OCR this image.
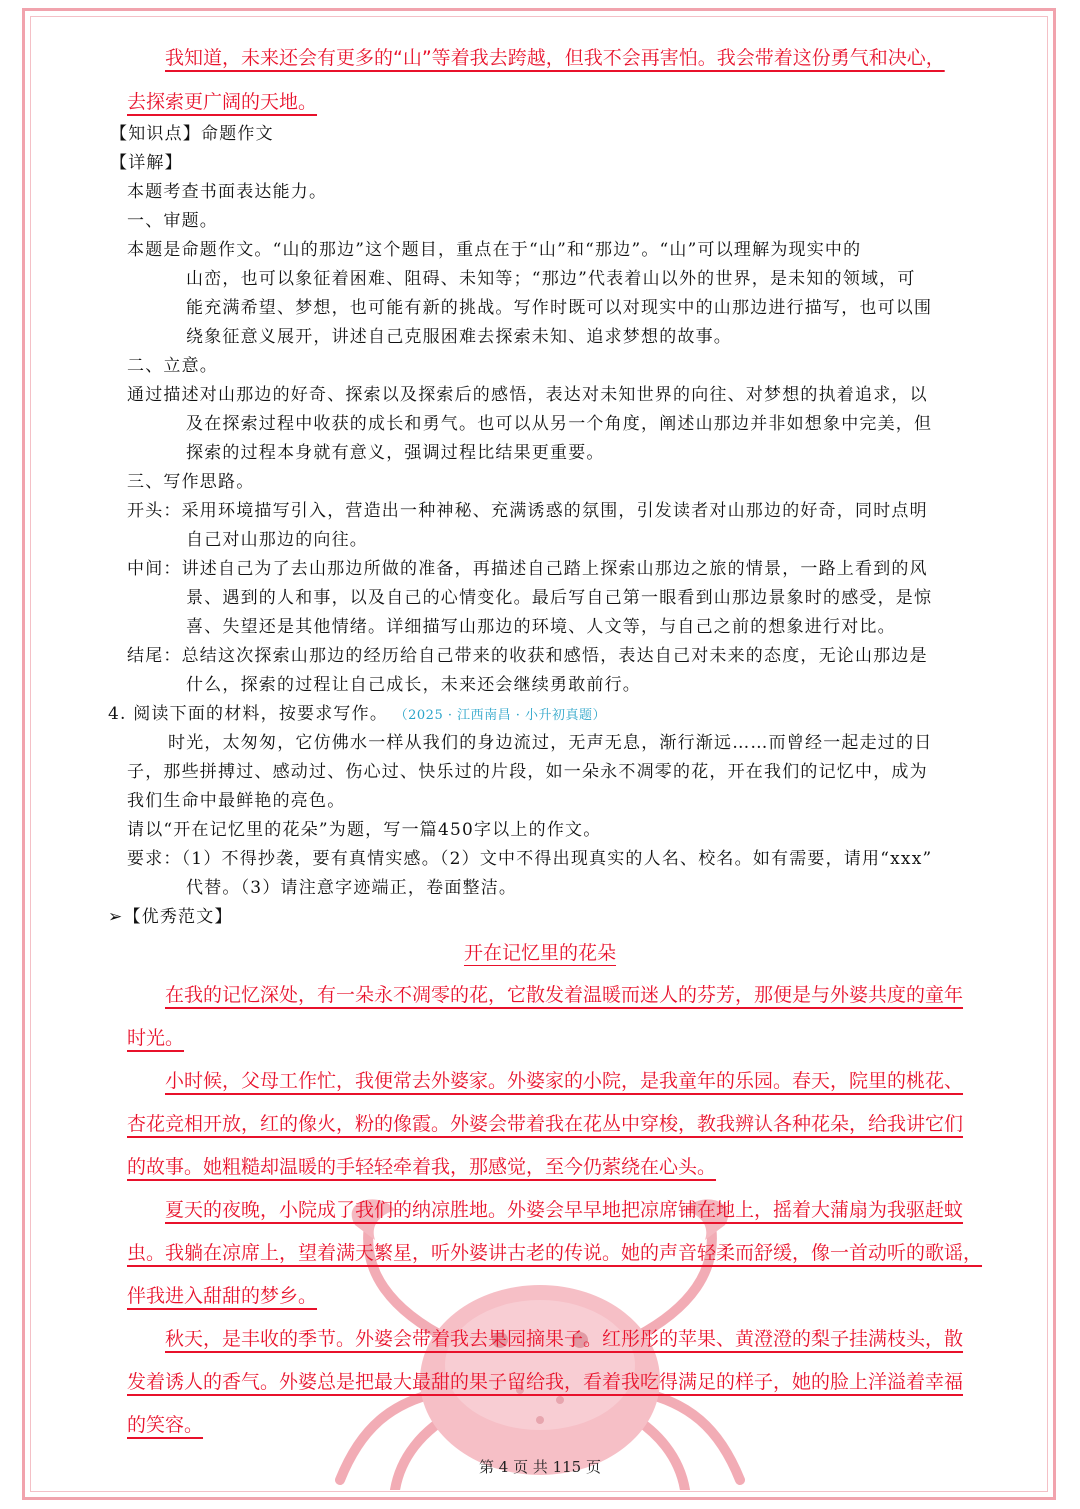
我知道，未来还会有更多的“山”等着我去跨越，但我不会再害怕。我会带着这份勇气和决心，
去探索更广阔的天地。
【知识点】命题作文
【详解】
本题考查书面表达能力。
一、审题。
本题是命题作文。“山的那边”这个题目，重点在于“山”和“那边”。“山”可以理解为现实中的
山峦，也可以象征着困难、阻碍、未知等；“那边”代表着山以外的世界，是未知的领域，可
能充满希望、梦想，也可能有新的挑战。写作时既可以对现实中的山那边进行描写，也可以围
绕象征意义展开，讲述自己克服困难去探索未知、追求梦想的故事。
二、立意。
通过描述对山那边的好奇、探索以及探索后的感悟，表达对未知世界的向往、对梦想的执着追求，以
及在探索过程中收获的成长和勇气。也可以从另一个角度，阐述山那边并非如想象中完美，但
探索的过程本身就有意义，强调过程比结果更重要。
三、写作思路。
开头：采用环境描写引入，营造出一种神秘、充满诱惑的氛围，引发读者对山那边的好奇，同时点明
自己对山那边的向往。
中间：讲述自己为了去山那边所做的准备，再描述自己踏上探索山那边之旅的情景，一路上看到的风
景、遇到的人和事，以及自己的心情变化。最后写自己第一眼看到山那边景象时的感受，是惊
喜、失望还是其他情绪。详细描写山那边的环境、人文等，与自己之前的想象进行对比。
结尾：总结这次探索山那边的经历给自己带来的收获和感悟，表达自己对未来的态度，无论山那边是
什么，探索的过程让自己成长，未来还会继续勇敢前行。
4. 阅读下面的材料，按要求写作。 （2025 · 江西南昌 · 小升初真题）
时光，太匆匆，它仿佛水一样从我们的身边流过，无声无息，渐行渐远……而曾经一起走过的日
子，那些拼搏过、感动过、伤心过、快乐过的片段，如一朵永不凋零的花，开在我们的记忆中，成为
我们生命中最鲜艳的亮色。
请以“开在记忆里的花朵”为题，写一篇450字以上的作文。
要求：（1）不得抄袭，要有真情实感。（2）文中不得出现真实的人名、校名。如有需要，请用“xxx”
代替。（3）请注意字迹端正，卷面整洁。
➢【优秀范文】
开在记忆里的花朵
在我的记忆深处，有一朵永不凋零的花，它散发着温暖而迷人的芬芳，那便是与外婆共度的童年
时光。
小时候，父母工作忙，我便常去外婆家。外婆家的小院，是我童年的乐园。春天，院里的桃花、
杏花竞相开放，红的像火，粉的像霞。外婆会带着我在花丛中穿梭，教我辨认各种花朵，给我讲它们
的故事。她粗糙却温暖的手轻轻牵着我，那感觉，至今仍萦绕在心头。
夏天的夜晚，小院成了我们的纳凉胜地。外婆会早早地把凉席铺在地上，摇着大蒲扇为我驱赶蚊
虫。我躺在凉席上，望着满天繁星，听外婆讲古老的传说。她的声音轻柔而舒缓，像一首动听的歌谣，
伴我进入甜甜的梦乡。
秋天，是丰收的季节。外婆会带着我去果园摘果子。红彤彤的苹果、黄澄澄的梨子挂满枝头，散
发着诱人的香气。外婆总是把最大最甜的果子留给我，看着我吃得满足的样子，她的脸上洋溢着幸福
的笑容。
第 4 页 共 115 页
